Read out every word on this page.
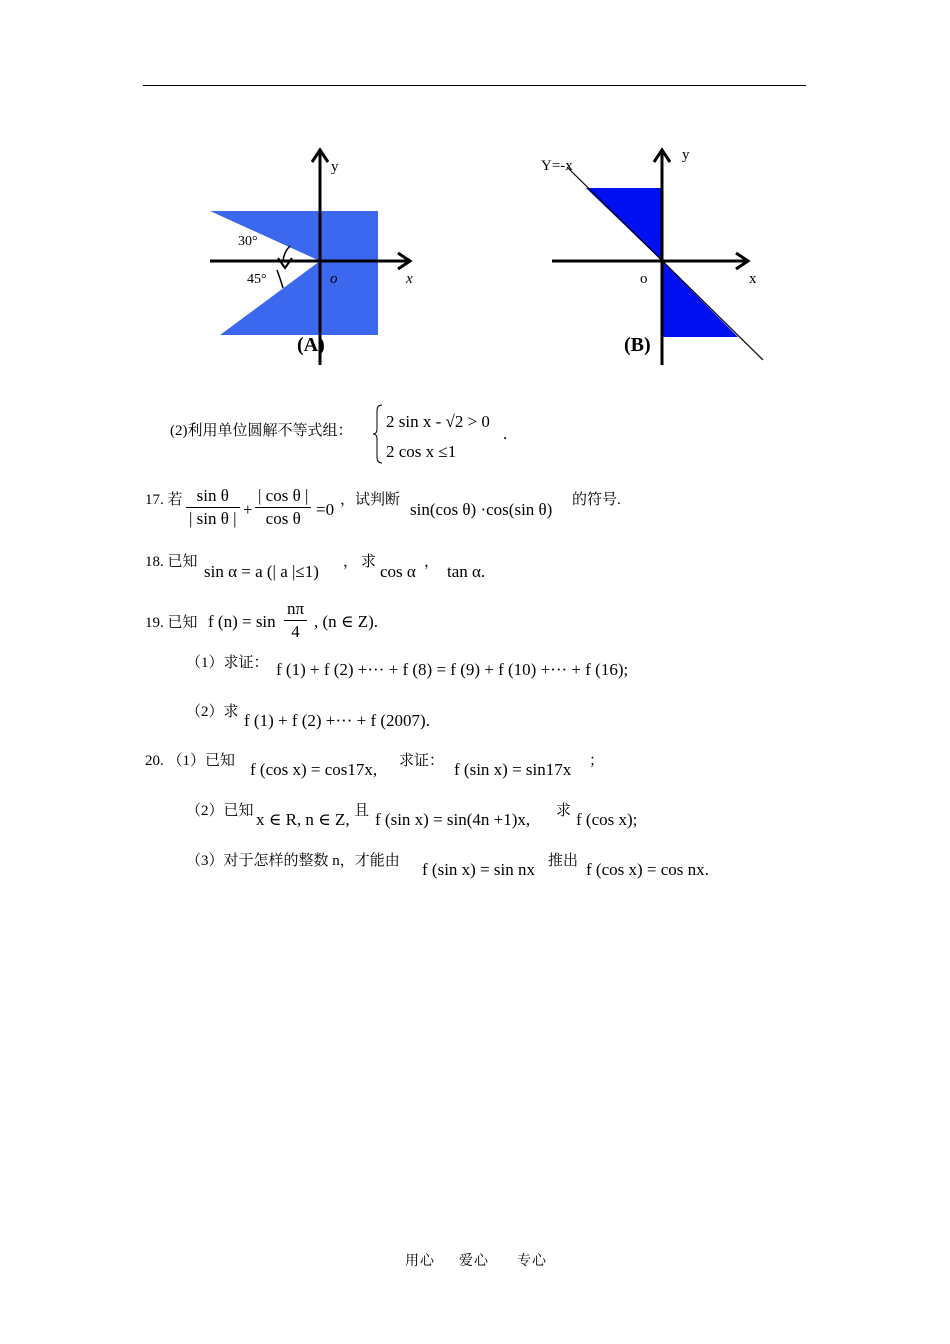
y
x
o
30°
45°
(A)
Y=-x
y
x
o
(B)
(2)利用单位圆解不等式组： 2 sin x - √2 > 0
2 cos x ≤1
.
17. 若 $\frac{\text{sin θ}}{\text{| sin θ |}} + \frac{\text{| cos θ |}}{\text{cos θ}} =0$ ，试判断 sin(cos θ) ·cos(sin θ) 的符号.
18. 已知 sin α = a (| a |≤1) ， 求 cos α ， tan α.
19. 已知 f $(n) = \sin \frac{n\pi}{4}$ , (n ∈ Z).
（1）求证： f (1) + f (2) +··· + f (8) = f (9) + f (10) +··· + f (16);
（2）求 f (1) + f (2) +··· + f (2007).
20. （1）已知 f (cos x) = cos17x, 求证： f (sin x) = sin17x ；
（2）已知 x ∈ R, n ∈ Z, 且 f (sin x) = sin(4n +1)x, 求 f (cos x);
（3）对于怎样的整数 n，才能由 f (sin x) = sin nx 推出 f (cos x) = cos nx.
用心 爱心 专心
